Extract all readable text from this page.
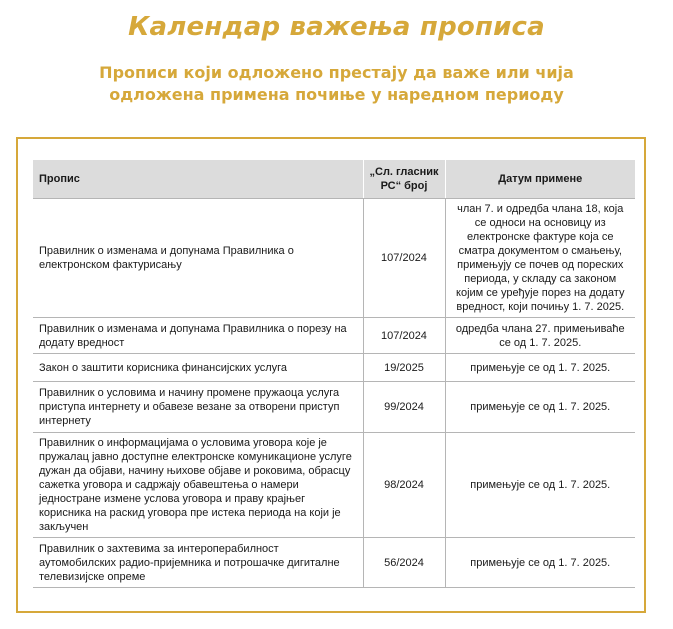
Календар важења прописа
Прописи који одложено престају да важе или чија
одложена примена почиње у наредном периоду
Пропис	„Сл. гласник РС“ број	Датум примене
Правилник о изменама и допунама Правилника о електронском фактурисању	107/2024	члан 7. и одредба члана 18, која се односи на основицу из електронске фактуре која се сматра документом о смањењу, примењују се почев од пореских периода, у складу са законом којим се уређује порез на додату вредност, који почињу 1. 7. 2025.
Правилник о изменама и допунама Правилника о порезу на додату вредност	107/2024	одредба члана 27. примењиваће се од 1. 7. 2025.
Закон о заштити корисника финансијских услуга	19/2025	примењује се од 1. 7. 2025.
Правилник о условима и начину промене пружаоца услуга приступа интернету и обавезе везане за отворени приступ интернету	99/2024	примењује се од 1. 7. 2025.
Правилник о информацијама о условима уговора које је пружалац јавно доступне електронске комуникационе услуге дужан да објави, начину њихове објаве и роковима, обрасцу сажетка уговора и садржају обавештења о намери једностране измене услова уговора и праву крајњег корисника на раскид уговора пре истека периода на који је закључен	98/2024	примењује се од 1. 7. 2025.
Правилник о захтевима за интероперабилност аутомобилских радио-пријемника и потрошачке дигиталне телевизијске опреме	56/2024	примењује се од 1. 7. 2025.
